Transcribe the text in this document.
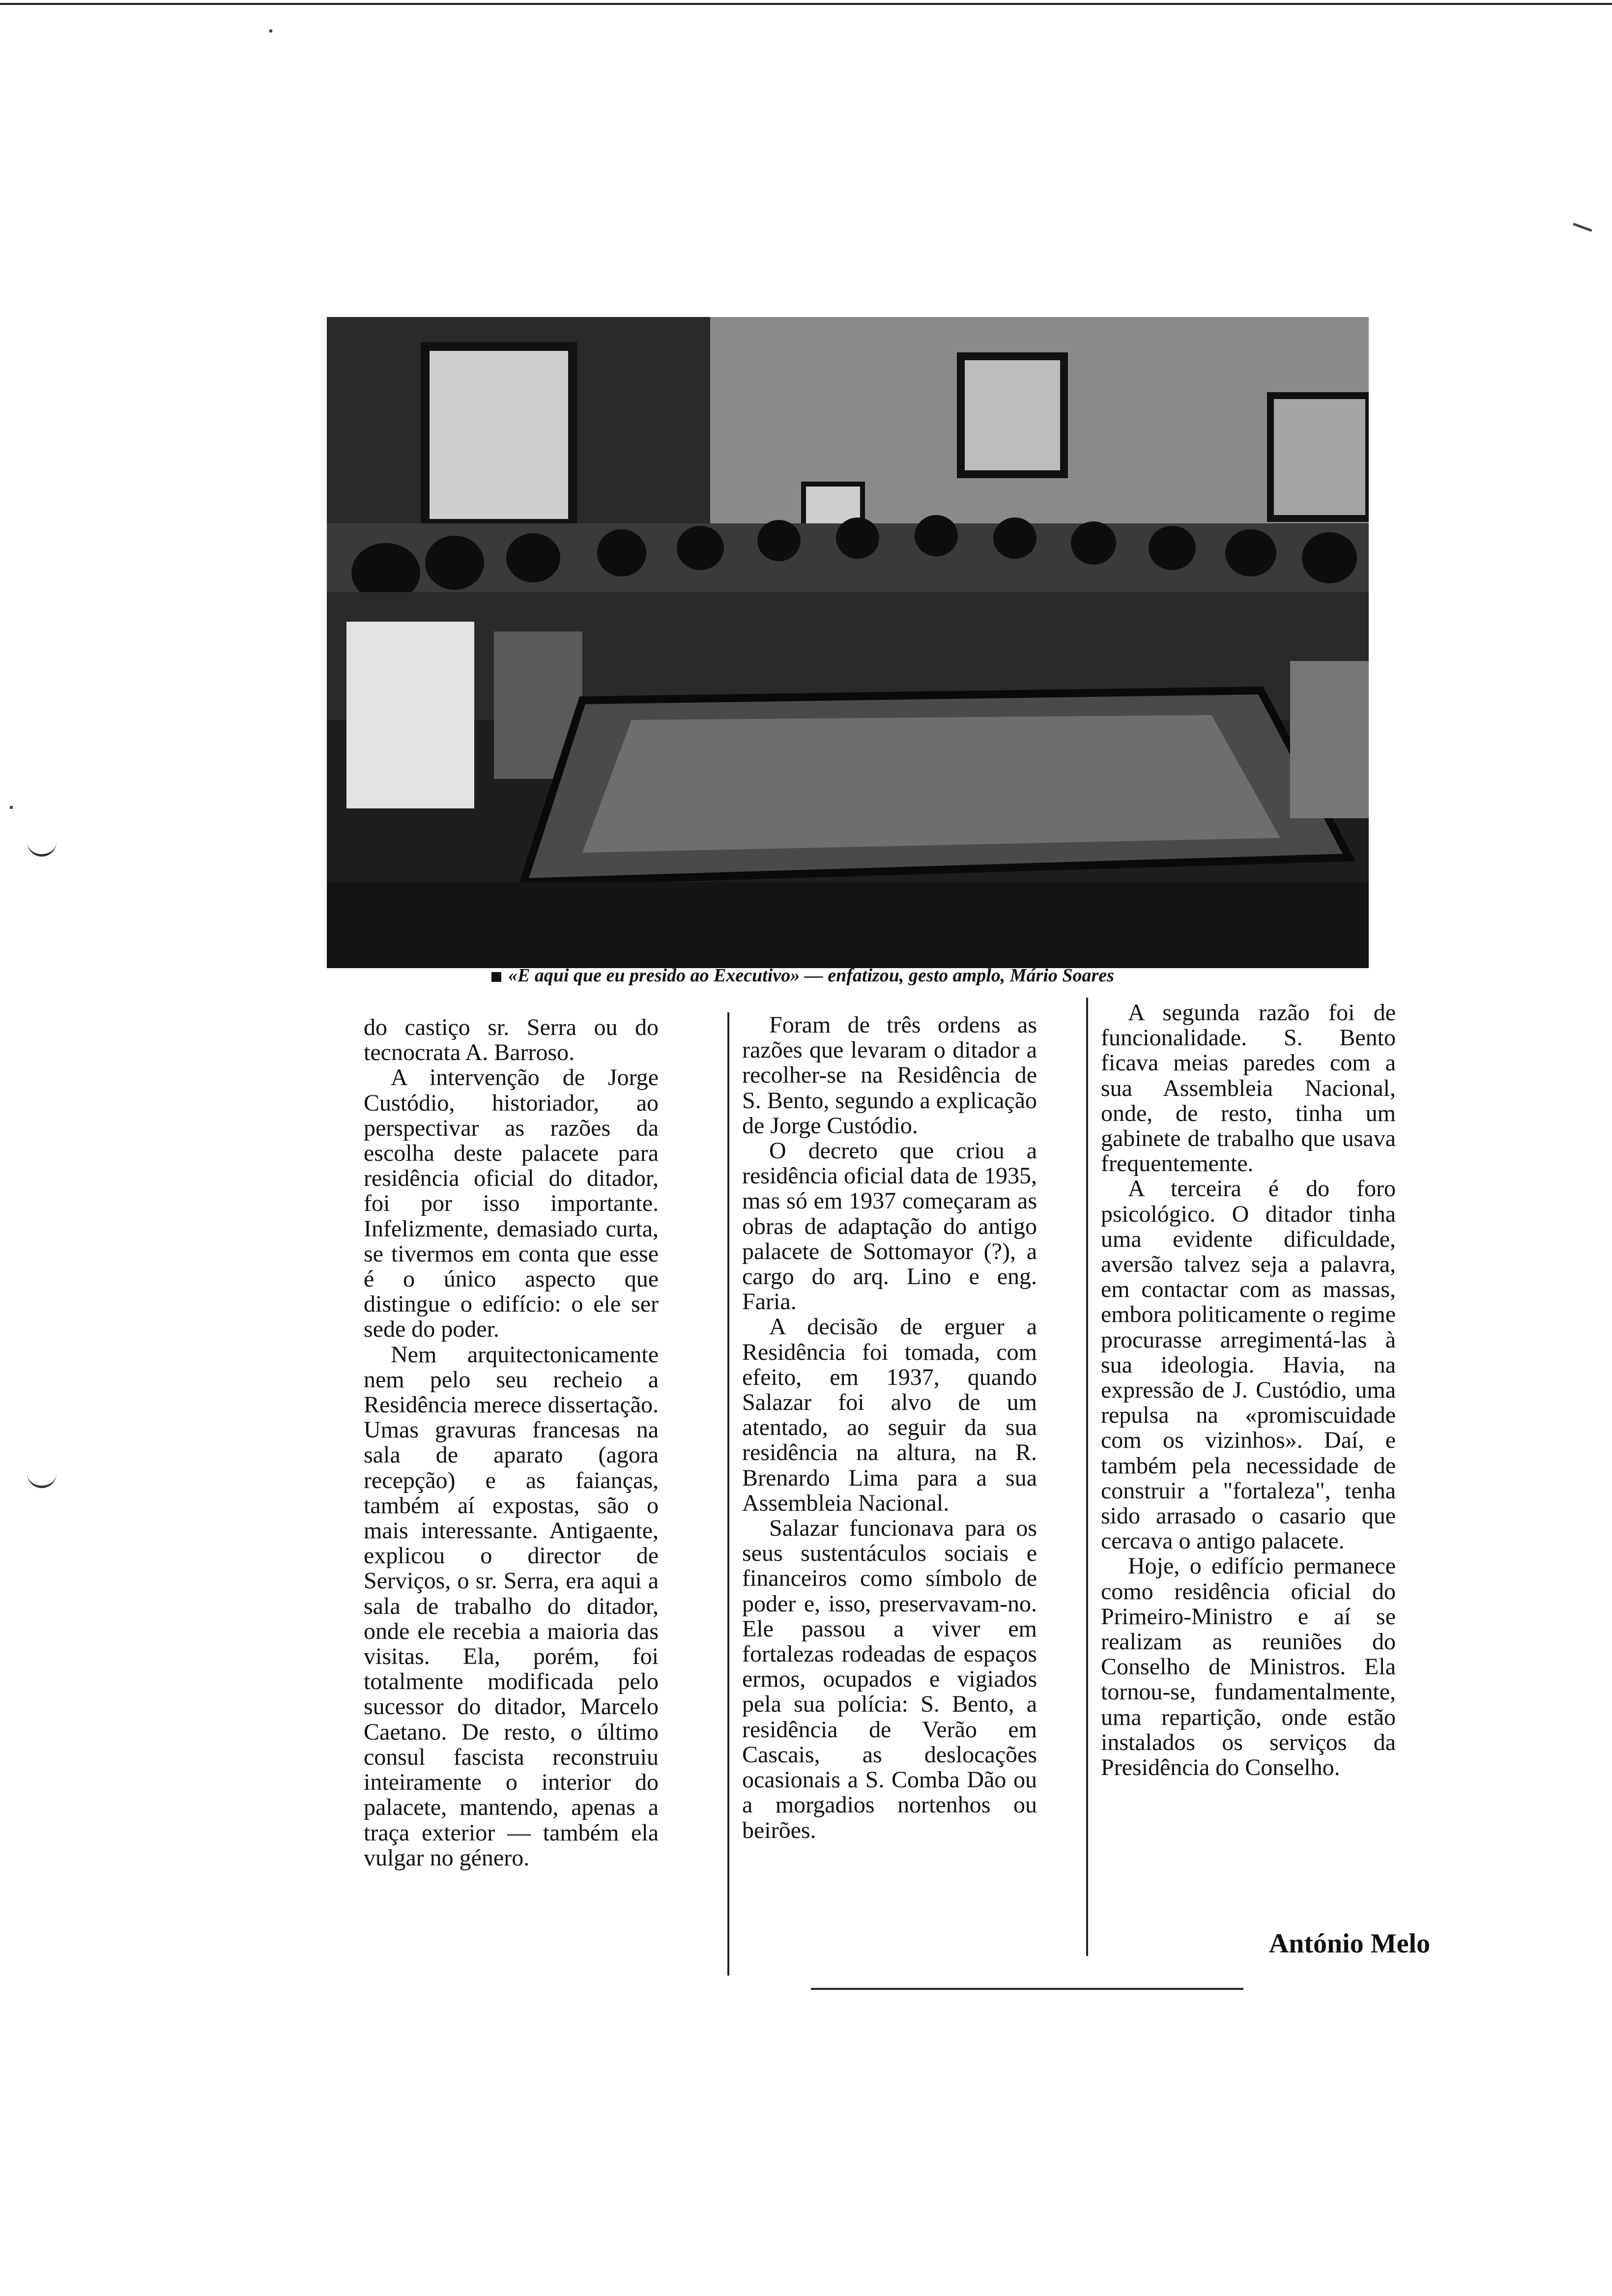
«É aqui que eu presido ao Executivo» — enfatizou, gesto amplo, Mário Soares

do castiço sr. Serra ou do tecnocrata A. Barroso.

A intervenção de Jorge Custódio, historiador, ao perspectivar as razões da escolha deste palacete para residência oficial do ditador, foi por isso importante. Infelizmente, demasiado curta, se tivermos em conta que esse é o único aspecto que distingue o edifício: o ele ser sede do poder.

Nem arquitectonicamente nem pelo seu recheio a Residência merece dissertação. Umas gravuras francesas na sala de aparato (agora recepção) e as faianças, também aí expostas, são o mais interessante. Antigaente, explicou o director de Serviços, o sr. Serra, era aqui a sala de trabalho do ditador, onde ele recebia a maioria das visitas. Ela, porém, foi totalmente modificada pelo sucessor do ditador, Marcelo Caetano. De resto, o último consul fascista reconstruiu inteiramente o interior do palacete, mantendo, apenas a traça exterior — também ela vulgar no género.

Foram de três ordens as razões que levaram o ditador a recolher-se na Residência de S. Bento, segundo a explicação de Jorge Custódio.

O decreto que criou a residência oficial data de 1935, mas só em 1937 começaram as obras de adaptação do antigo palacete de Sottomayor (?), a cargo do arq. Lino e eng. Faria.

A decisão de erguer a Residência foi tomada, com efeito, em 1937, quando Salazar foi alvo de um atentado, ao seguir da sua residência na altura, na R. Brenardo Lima para a sua Assembleia Nacional.

Salazar funcionava para os seus sustentáculos sociais e financeiros como símbolo de poder e, isso, preservavam-no. Ele passou a viver em fortalezas rodeadas de espaços ermos, ocupados e vigiados pela sua polícia: S. Bento, a residência de Verão em Cascais, as deslocações ocasionais a S. Comba Dão ou a morgadios nortenhos ou beirões.

A segunda razão foi de funcionalidade. S. Bento ficava meias paredes com a sua Assembleia Nacional, onde, de resto, tinha um gabinete de trabalho que usava frequentemente.

A terceira é do foro psicológico. O ditador tinha uma evidente dificuldade, aversão talvez seja a palavra, em contactar com as massas, embora politicamente o regime procurasse arregimentá-las à sua ideologia. Havia, na expressão de J. Custódio, uma repulsa na «promiscuidade com os vizinhos». Daí, e também pela necessidade de construir a "fortaleza", tenha sido arrasado o casario que cercava o antigo palacete.

Hoje, o edifício permanece como residência oficial do Primeiro-Ministro e aí se realizam as reuniões do Conselho de Ministros. Ela tornou-se, fundamentalmente, uma repartição, onde estão instalados os serviços da Presidência do Conselho.

António Melo
